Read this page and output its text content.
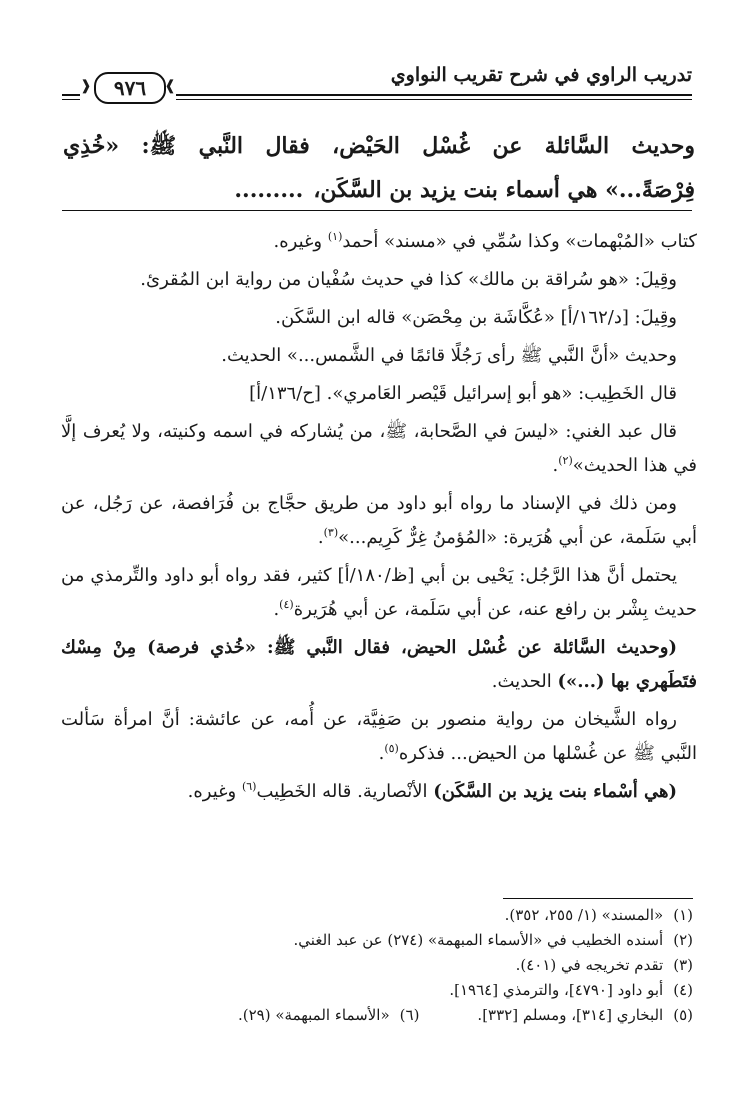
تدريب الراوي في شرح تقريب النواوي
❱
٩٧٦
❰
وحديث السَّائلة عن غُسْل الحَيْض، فقال النَّبي ﷺ: «خُذِي
فِرْصَةً...» هي أسماء بنت يزيد بن السَّكَن،.........

كتاب «المُبْهمات» وكذا سُمِّي في «مسند» أحمد$^{(١)}$ وغيره.

وقِيلَ: «هو سُراقة بن مالك» كذا في حديث سُفْيان من رواية ابن المُقرئ.

وقِيلَ: [د/١٦٢/أ] «عُكَّاشَة بن مِحْصَن» قاله ابن السَّكَن.

وحديث «أنَّ النَّبي ﷺ رأى رَجُلًا قائمًا في الشَّمس...» الحديث.

قال الخَطِيب: «هو أبو إسرائيل قَيْصر العَامري». [ح/١٣٦/أ]

قال عبد الغني: «ليسَ في الصَّحابة، ﷺ، من يُشاركه في اسمه وكنيته، ولا يُعرف إلَّا في هذا الحديث»$^{(٢)}$.

ومن ذلك في الإسناد ما رواه أبو داود من طريق حجَّاج بن فُرَافصة، عن رَجُل، عن أبي سَلَمة، عن أبي هُرَيرة: «المُؤمنُ غِرٌّ كَرِيم...»$^{(٣)}$.

يحتمل أنَّ هذا الرَّجُل: يَحْيى بن أبي [ظ/١٨٠/أ] كثير، فقد رواه أبو داود والتِّرمذي من حديث بِشْر بن رافع عنه، عن أبي سَلَمة، عن أبي هُرَيرة$^{(٤)}$.

(وحديث السَّائلة عن غُسْل الحيض، فقال النَّبي ﷺ: «خُذي فرصة) مِنْ مِسْك فتَطَهري بها (...») الحديث.

رواه الشَّيخان من رواية منصور بن صَفِيَّة، عن أُمه، عن عائشة: أنَّ امرأة سَألت النَّبي ﷺ عن غُسْلها من الحيض... فذكره$^{(٥)}$.

(هي أسْماء بنت يزيد بن السَّكَن) الأنْصارية. قاله الخَطِيب$^{(٦)}$ وغيره.

(١)«المسند» (١/ ٢٥٥، ٣٥٢).
(٢)أسنده الخطيب في «الأسماء المبهمة» (٢٧٤) عن عبد الغني.
(٣)تقدم تخريجه في (٤٠١).
(٤)أبو داود [٤٧٩٠]، والترمذي [١٩٦٤].
(٥)البخاري [٣١٤]، ومسلم [٣٣٢].(٦)«الأسماء المبهمة» (٢٩).
